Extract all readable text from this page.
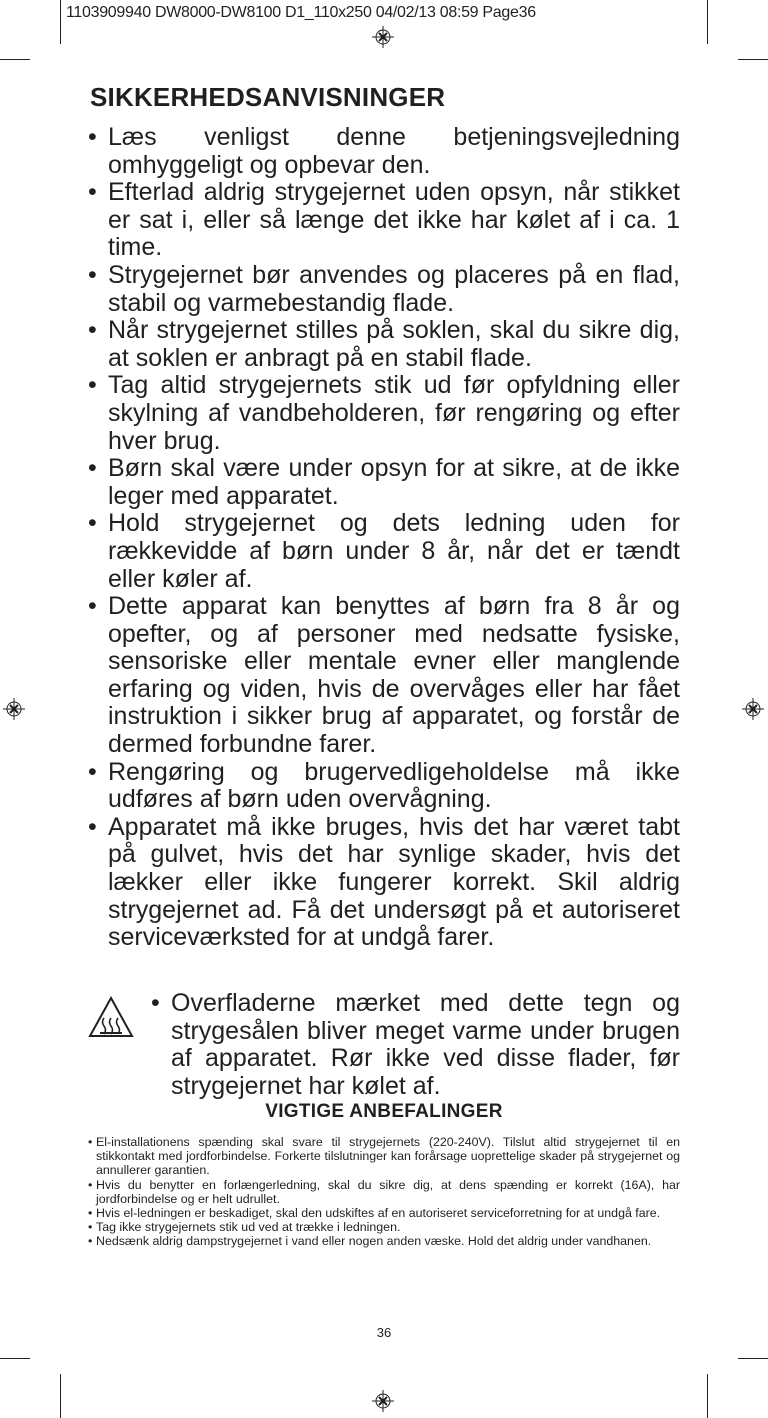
1103909940 DW8000-DW8100 D1_110x250 04/02/13 08:59 Page36
SIKKERHEDSANVISNINGER
• Læs venligst denne betjeningsvejledning omhyggeligt og opbevar den.
• Efterlad aldrig strygejernet uden opsyn, når stikket er sat i, eller så længe det ikke har kølet af i ca. 1 time.
• Strygejernet bør anvendes og placeres på en flad, stabil og varmebestandig flade.
• Når strygejernet stilles på soklen, skal du sikre dig, at soklen er anbragt på en stabil flade.
• Tag altid strygejernets stik ud før opfyldning eller skylning af vandbeholderen, før rengøring og efter hver brug.
• Børn skal være under opsyn for at sikre, at de ikke leger med apparatet.
• Hold strygejernet og dets ledning uden for rækkevidde af børn under 8 år, når det er tændt eller køler af.
• Dette apparat kan benyttes af børn fra 8 år og opefter, og af personer med nedsatte fysiske, sensoriske eller mentale evner eller manglende erfaring og viden, hvis de overvåges eller har fået instruktion i sikker brug af apparatet, og forstår de dermed forbundne farer.
• Rengøring og brugervedligeholdelse må ikke udføres af børn uden overvågning.
• Apparatet må ikke bruges, hvis det har været tabt på gulvet, hvis det har synlige skader, hvis det lækker eller ikke fungerer korrekt. Skil aldrig strygejernet ad. Få det undersøgt på et autoriseret serviceværksted for at undgå farer.

• Overfladerne mærket med dette tegn og strygesålen bliver meget varme under brugen af apparatet. Rør ikke ved disse flader, før strygejernet har kølet af.

VIGTIGE ANBEFALINGER
• El-installationens spænding skal svare til strygejernets (220-240V). Tilslut altid strygejernet til en stikkontakt med jordforbindelse. Forkerte tilslutninger kan forårsage uoprettelige skader på strygejernet og annullerer garantien.
• Hvis du benytter en forlængerledning, skal du sikre dig, at dens spænding er korrekt (16A), har jordforbindelse og er helt udrullet.
• Hvis el-ledningen er beskadiget, skal den udskiftes af en autoriseret serviceforretning for at undgå fare.
• Tag ikke strygejernets stik ud ved at trække i ledningen.
• Nedsænk aldrig dampstrygejernet i vand eller nogen anden væske. Hold det aldrig under vandhanen.
36
